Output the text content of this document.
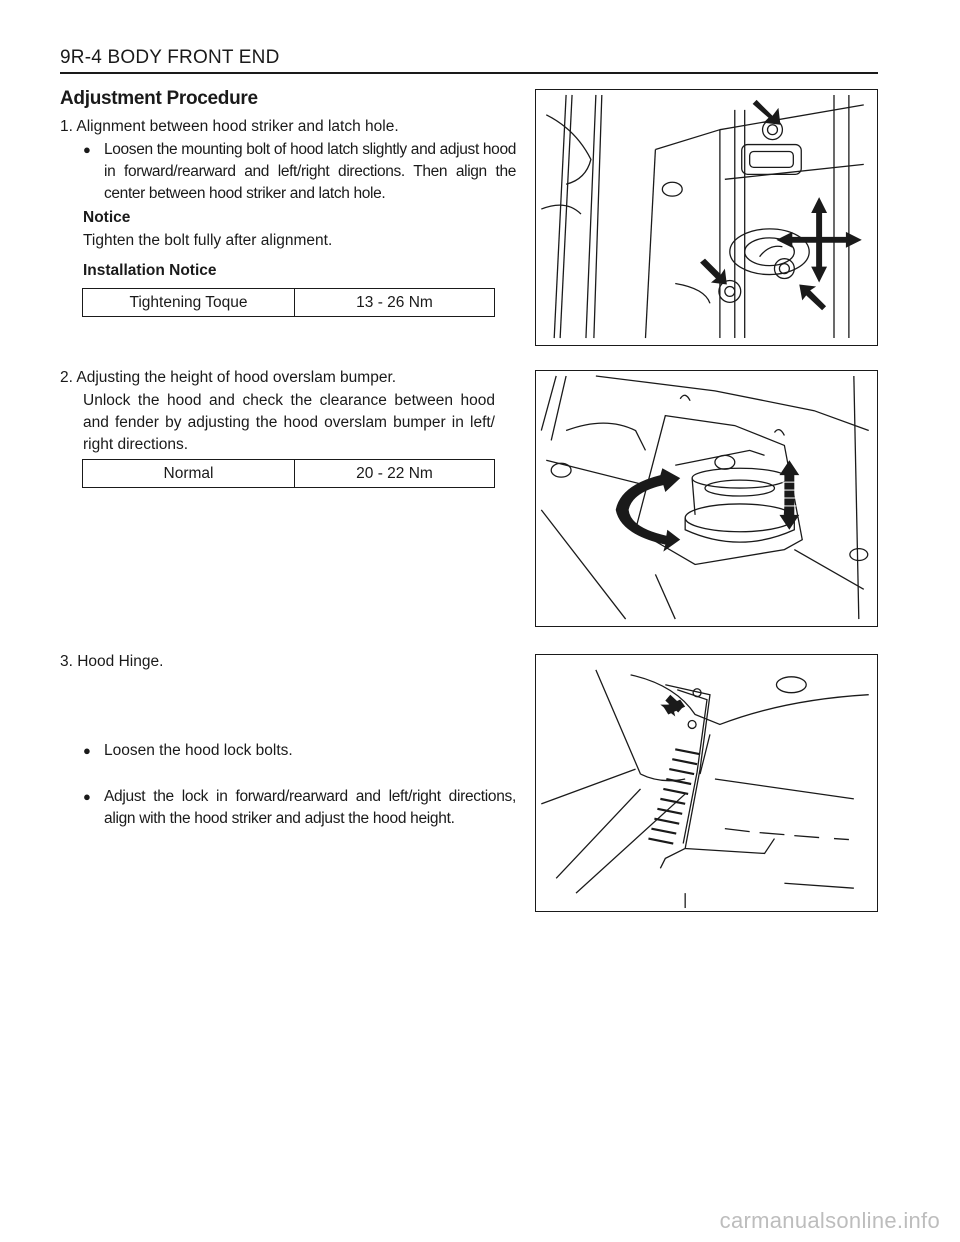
9R-4 BODY FRONT END
Adjustment Procedure
1. Alignment between hood striker and latch hole.
● Loosen the mounting bolt of hood latch slightly and adjust hood in forward/rearward and left/right directions. Then align the center between hood striker and latch hole.
Notice
Tighten the bolt fully after alignment.
Installation Notice
Tightening Toque	13 - 26 Nm
2. Adjusting the height of hood overslam bumper.
Unlock the hood and check the clearance between hood and fender by adjusting the hood overslam bumper in left/ right directions.
Normal	20 - 22 Nm
3. Hood Hinge.
● Loosen the hood lock bolts.
● Adjust the lock in forward/rearward and left/right directions, align with the hood striker and adjust the hood height.
carmanualsonline.info
